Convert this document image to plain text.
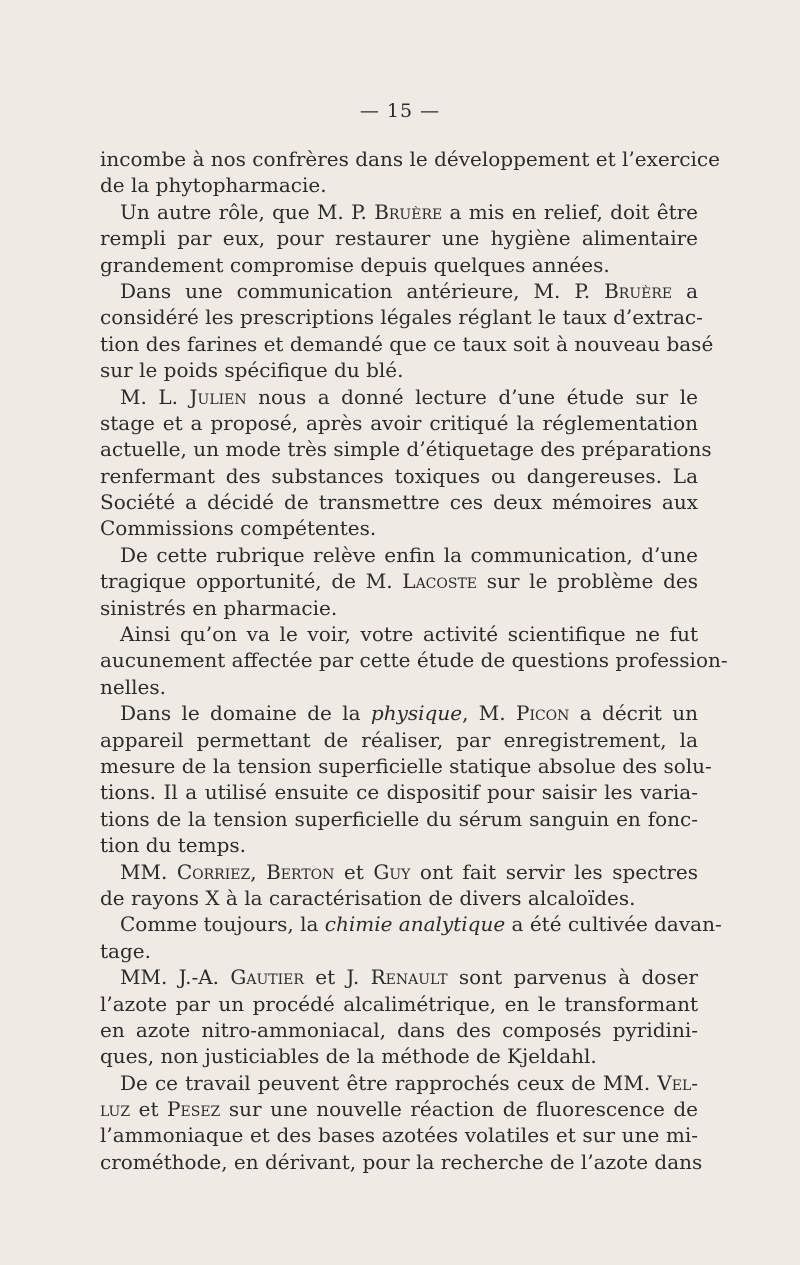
— 15 —
incombe à nos confrères dans le développement et l’exercice
de la phytopharmacie.
Un autre rôle, que M. P. Bruère a mis en relief, doit être
rempli par eux, pour restaurer une hygiène alimentaire
grandement compromise depuis quelques années.
Dans une communication antérieure, M. P. Bruère a
considéré les prescriptions légales réglant le taux d’extrac-
tion des farines et demandé que ce taux soit à nouveau basé
sur le poids spécifique du blé.
M. L. Julien nous a donné lecture d’une étude sur le
stage et a proposé, après avoir critiqué la réglementation
actuelle, un mode très simple d’étiquetage des préparations
renfermant des substances toxiques ou dangereuses. La
Société a décidé de transmettre ces deux mémoires aux
Commissions compétentes.
De cette rubrique relève enfin la communication, d’une
tragique opportunité, de M. Lacoste sur le problème des
sinistrés en pharmacie.
Ainsi qu’on va le voir, votre activité scientifique ne fut
aucunement affectée par cette étude de questions profession-
nelles.
Dans le domaine de la physique, M. Picon a décrit un
appareil permettant de réaliser, par enregistrement, la
mesure de la tension superficielle statique absolue des solu-
tions. Il a utilisé ensuite ce dispositif pour saisir les varia-
tions de la tension superficielle du sérum sanguin en fonc-
tion du temps.
MM. Corriez, Berton et Guy ont fait servir les spectres
de rayons X à la caractérisation de divers alcaloïdes.
Comme toujours, la chimie analytique a été cultivée davan-
tage.
MM. J.-A. Gautier et J. Renault sont parvenus à doser
l’azote par un procédé alcalimétrique, en le transformant
en azote nitro-ammoniacal, dans des composés pyridini-
ques, non justiciables de la méthode de Kjeldahl.
De ce travail peuvent être rapprochés ceux de MM. Vel-
luz et Pesez sur une nouvelle réaction de fluorescence de
l’ammoniaque et des bases azotées volatiles et sur une mi-
crométhode, en dérivant, pour la recherche de l’azote dans
